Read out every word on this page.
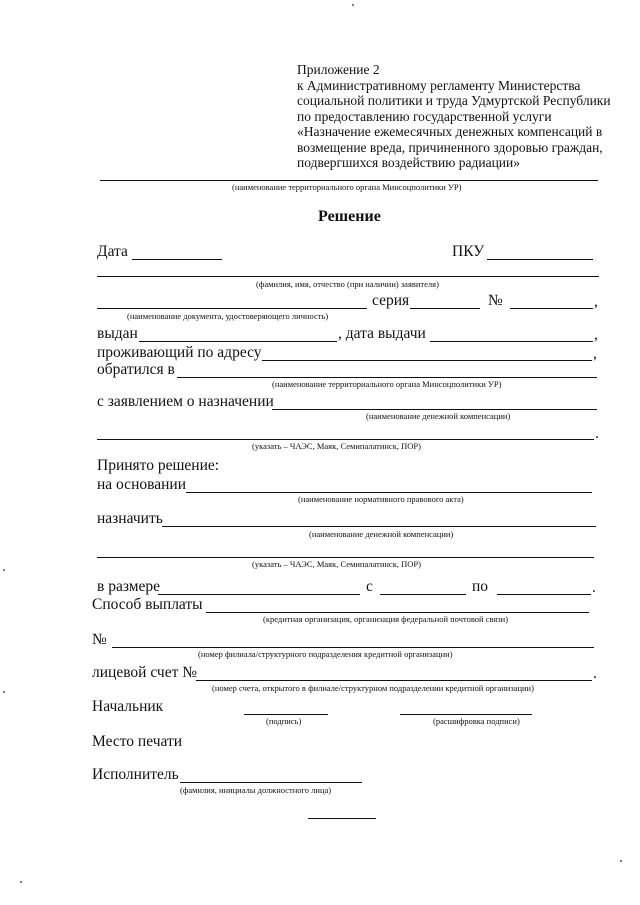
Приложение 2
к Административному регламенту Министерства
социальной политики и труда Удмуртской Республики
по предоставлению государственной услуги
«Назначение ежемесячных денежных компенсаций в
возмещение вреда, причиненного здоровью граждан,
подвергшихся воздействию радиации»
(наименование территориального органа Минсоцполитики УР)
Решение
Дата	ПКУ
(фамилия, имя, отчество (при наличии) заявителя)
серия	№	,
(наименование документа, удостоверяющего личность)
выдан	, дата выдачи	,
проживающий по адресу	,
обратился в
(наименование территориального органа Минсоцполитики УР)
с заявлением о назначении
(наименование денежной компенсации)
.
(указать – ЧАЭС, Маяк, Семипалатинск, ПОР)
Принято решение:
на основании
(наименование нормативного правового акта)
назначить
(наименование денежной компенсации)
(указать – ЧАЭС, Маяк, Семипалатинск, ПОР)
в размере	с	по	.
Способ выплаты
(кредитная организация, организация федеральной почтовой связи)
№
(номер филиала/структурного подразделения кредитной организации)
лицевой счет №	.
(номер счета, открытого в филиале/структурном подразделении кредитной организации)
Начальник
(подпись)	(расшифровка подписи)
Место печати
Исполнитель
(фамилия, инициалы должностного лица)
